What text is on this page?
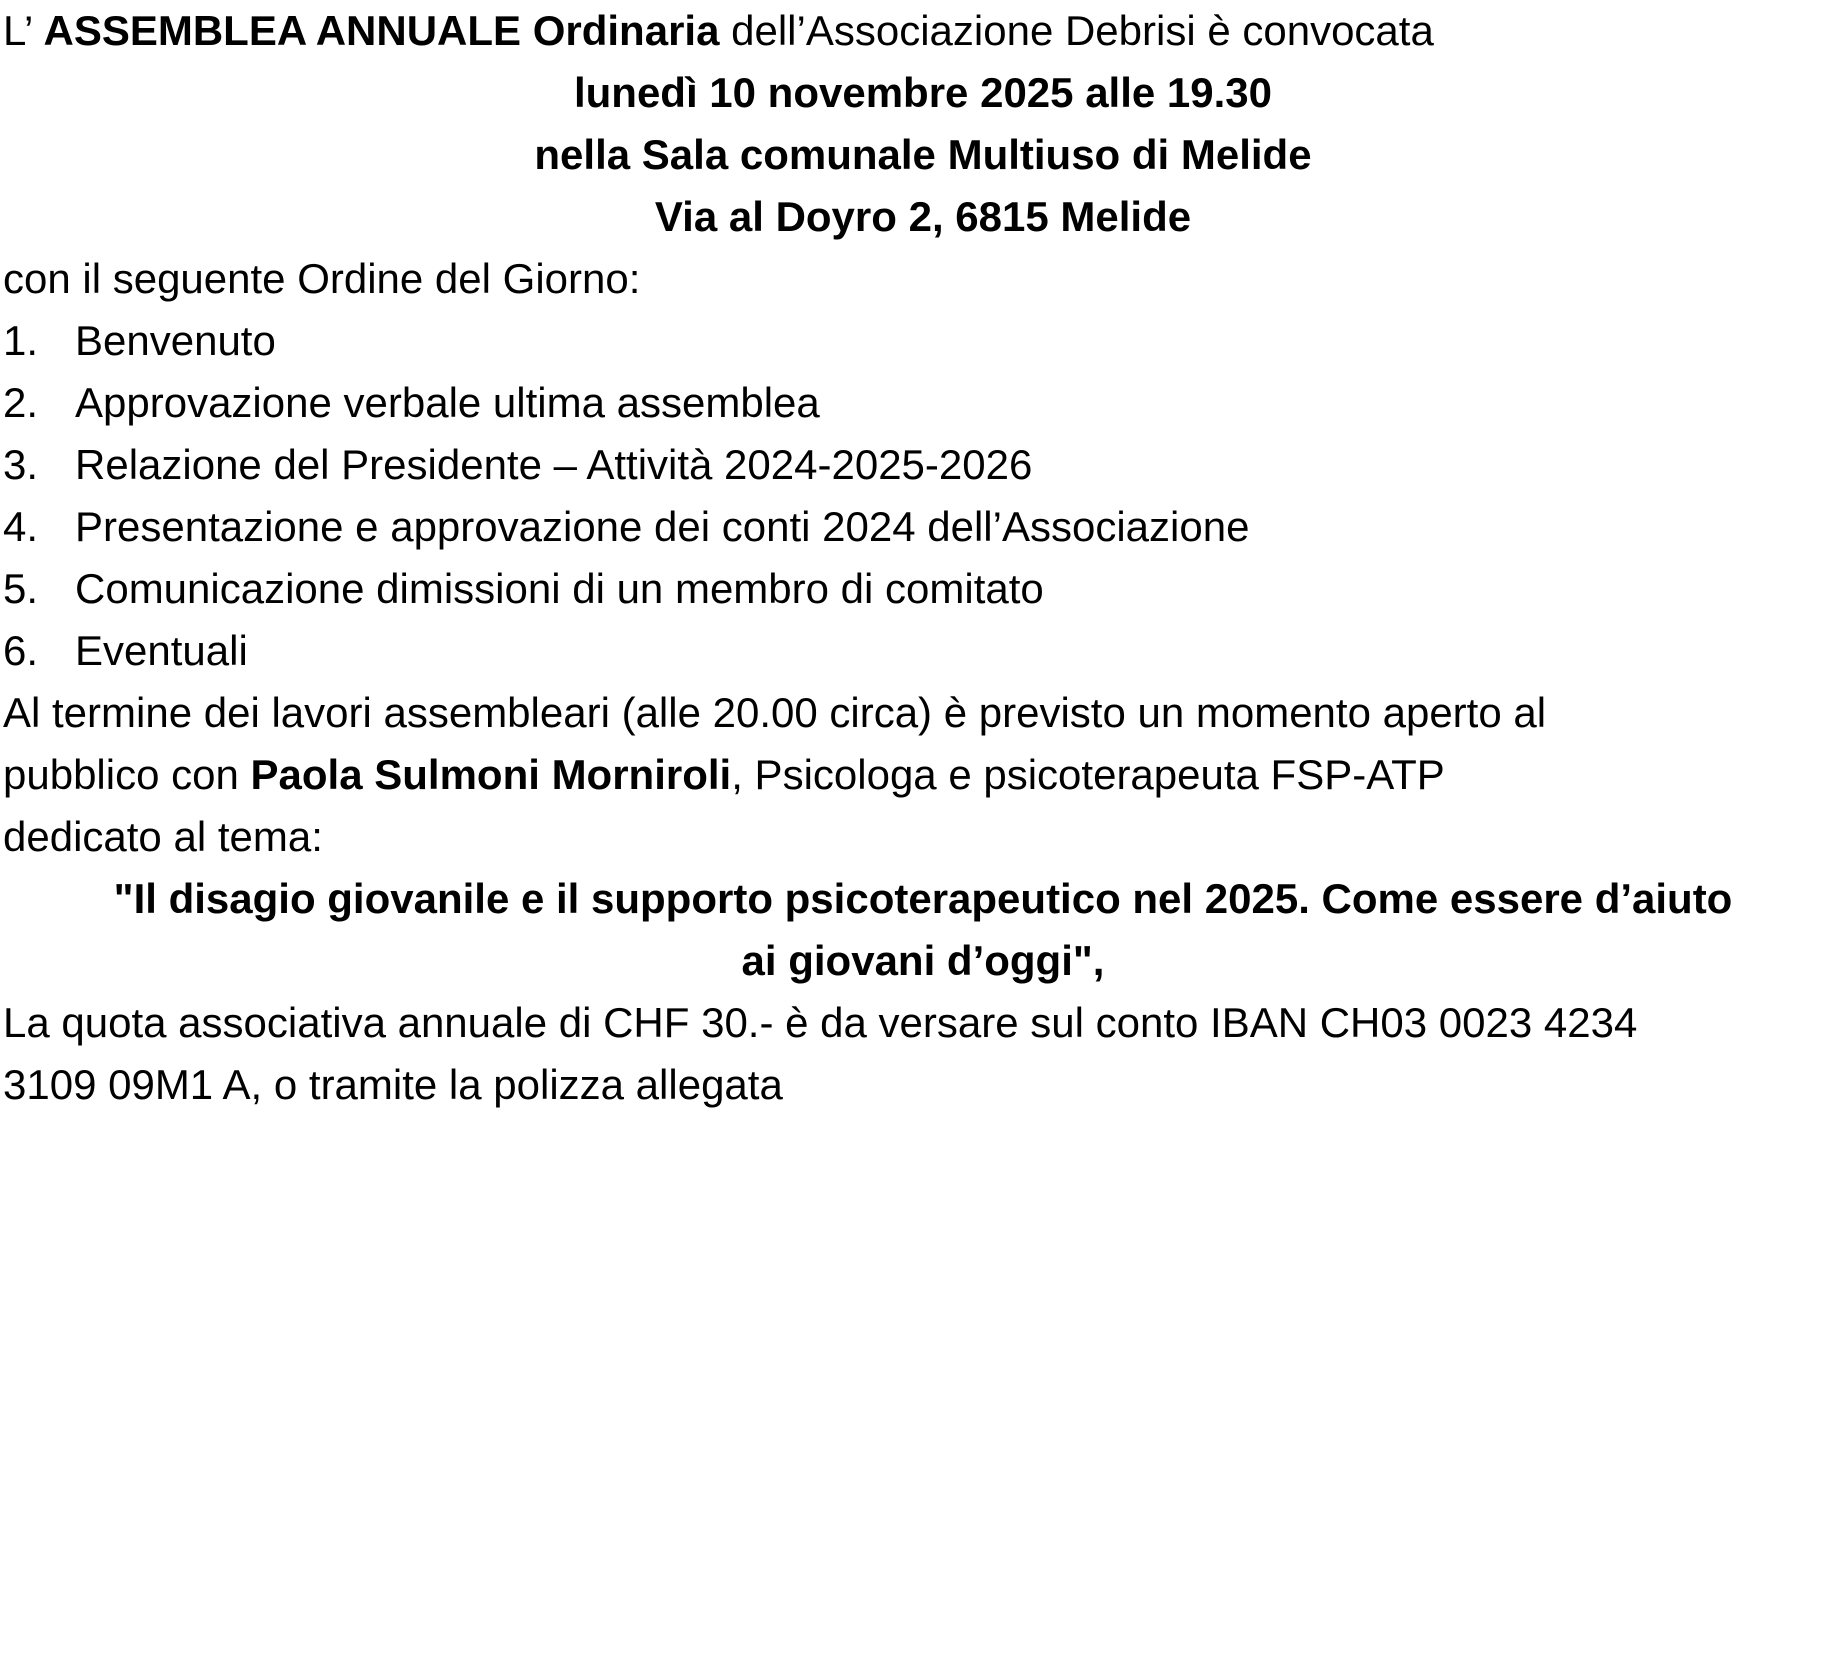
L’ ASSEMBLEA ANNUALE Ordinaria dell’Associazione Debrisi è convocata

lunedì 10 novembre 2025 alle 19.30
nella Sala comunale Multiuso di Melide
Via al Doyro 2, 6815 Melide

con il seguente Ordine del Giorno:

1. Benvenuto
2. Approvazione verbale ultima assemblea
3. Relazione del Presidente – Attività 2024-2025-2026
4. Presentazione e approvazione dei conti 2024 dell’Associazione
5. Comunicazione dimissioni di un membro di comitato
6. Eventuali
Al termine dei lavori assembleari (alle 20.00 circa) è previsto un momento aperto al
pubblico con Paola Sulmoni Morniroli, Psicologa e psicoterapeuta FSP-ATP
dedicato al tema:
"Il disagio giovanile e il supporto psicoterapeutico nel 2025. Come essere d’aiuto
ai giovani d’oggi",
La quota associativa annuale di CHF 30.- è da versare sul conto IBAN CH03 0023 4234
3109 09M1 A, o tramite la polizza allegata
